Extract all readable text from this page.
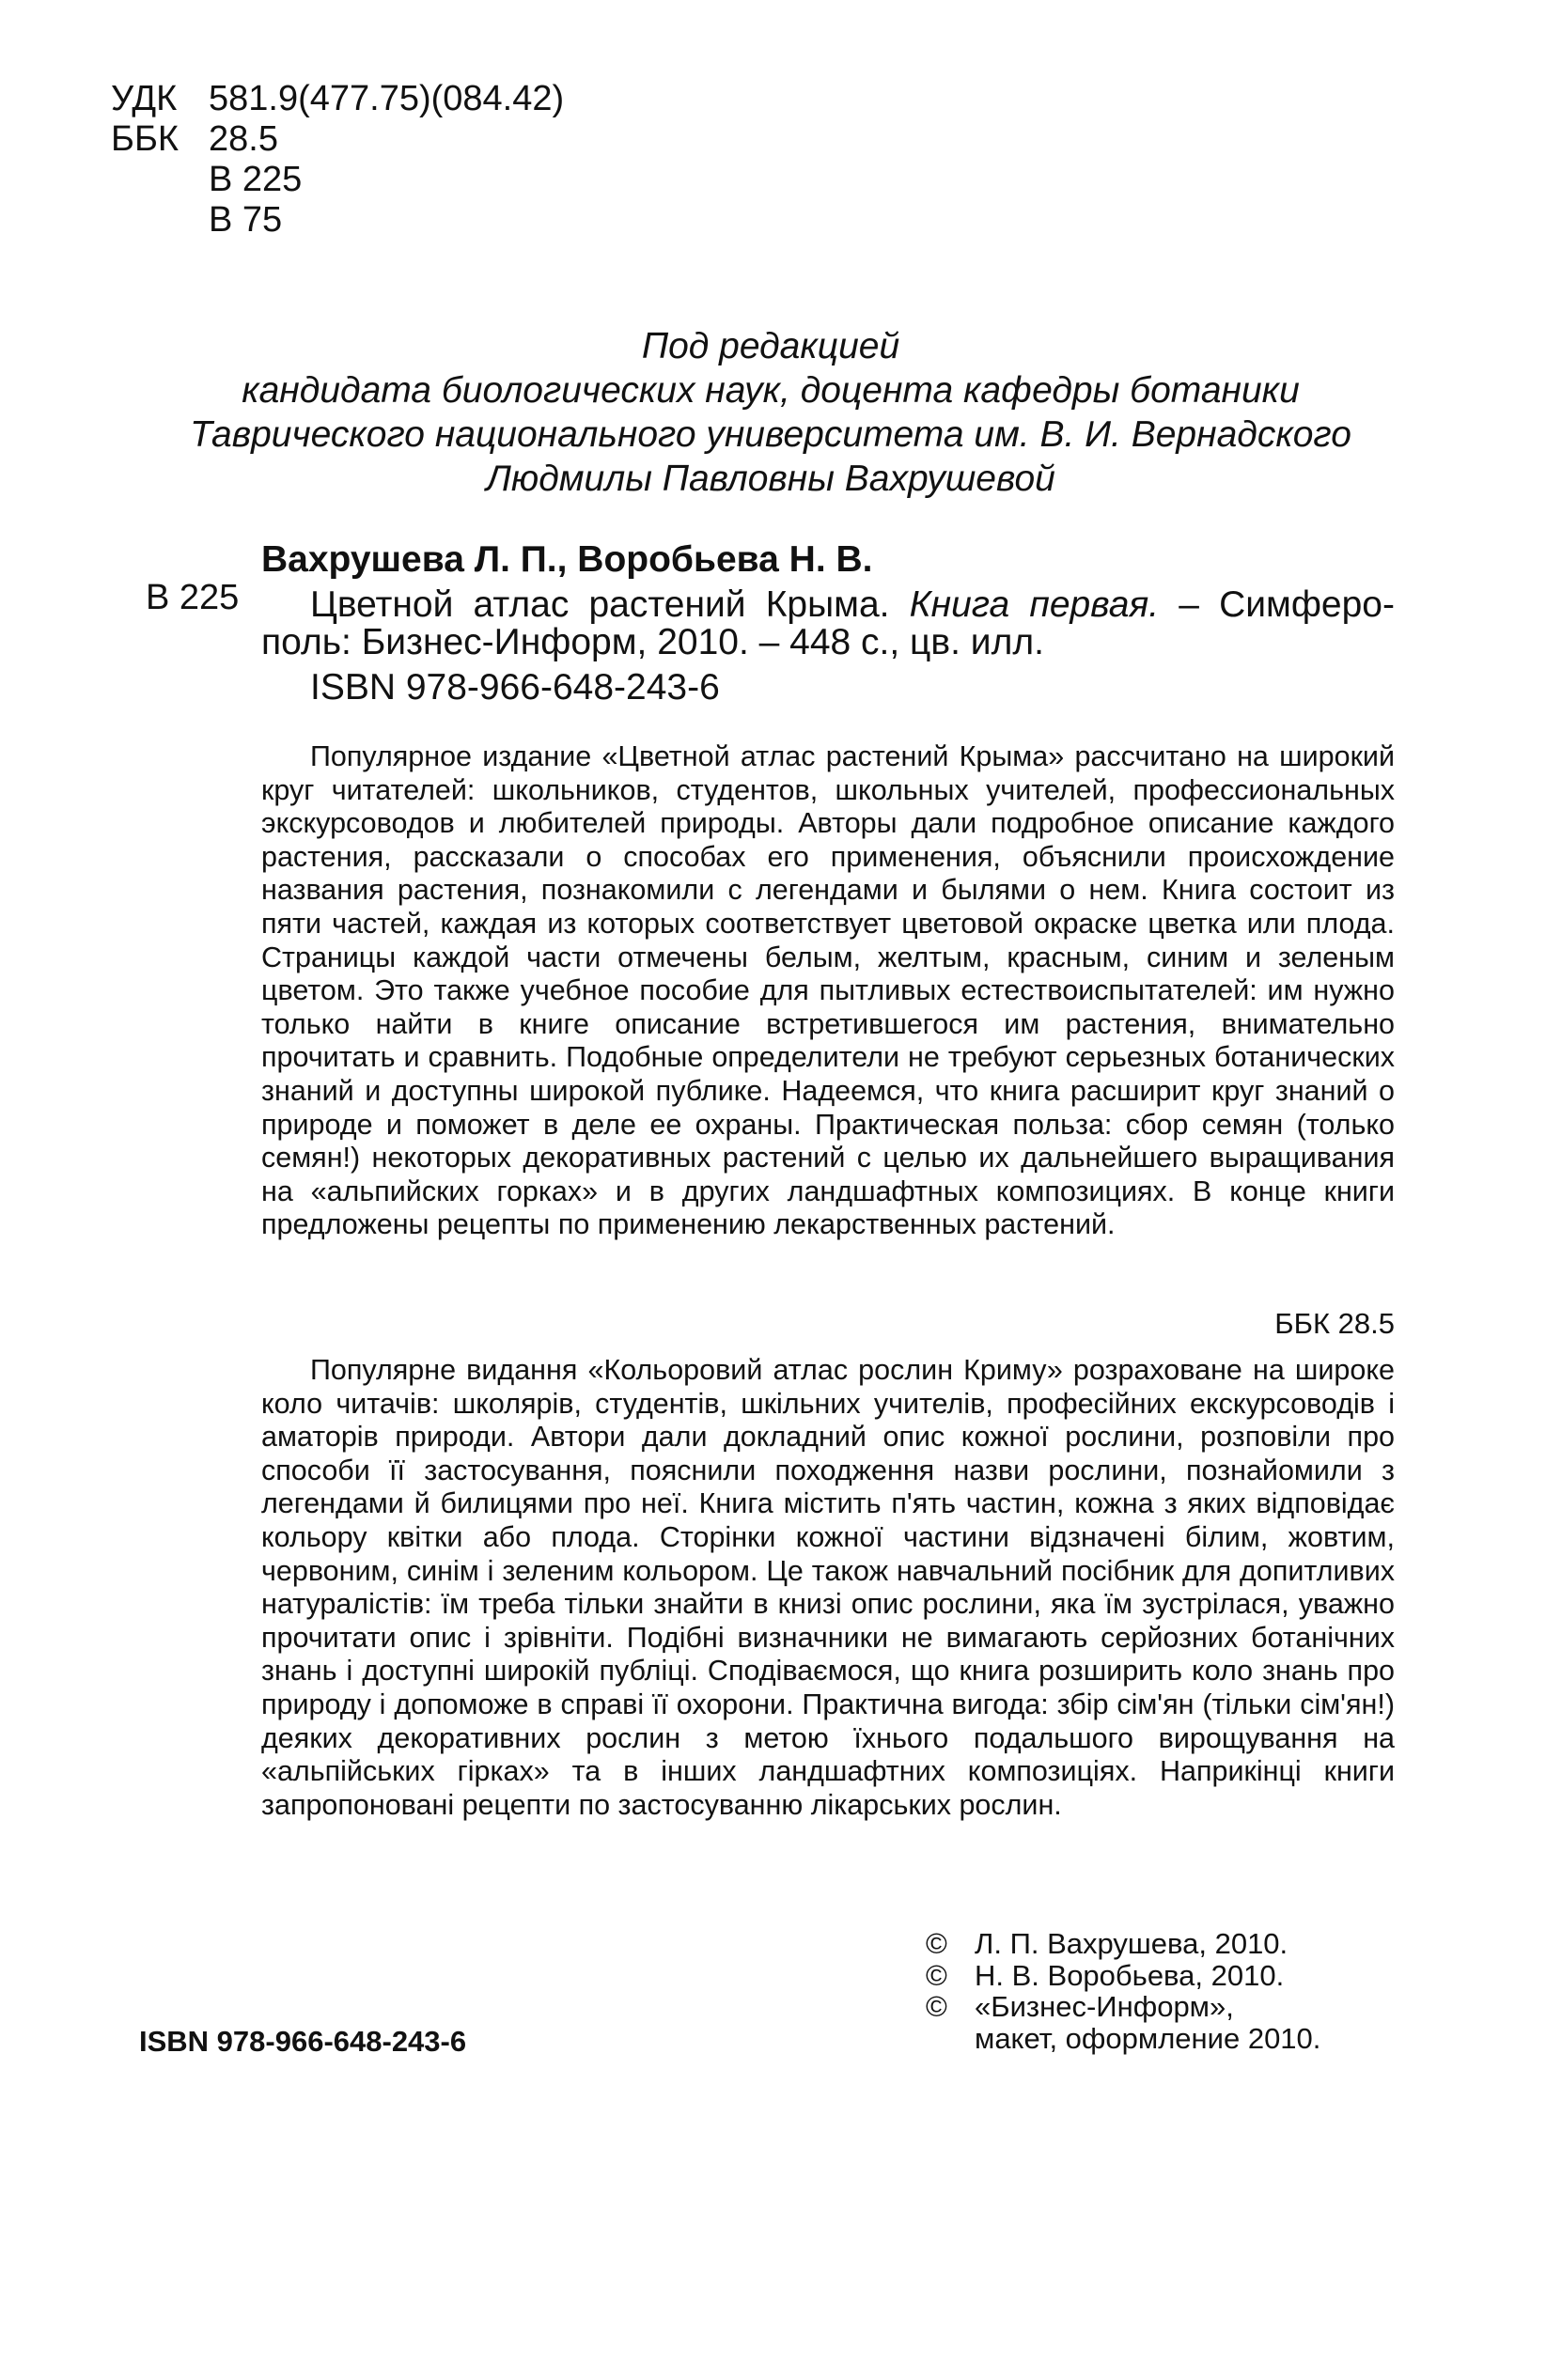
УДК 581.9(477.75)(084.42)
ББК 28.5
В 225
В 75
Под редакцией
кандидата биологических наук, доцента кафедры ботаники
Таврического национального университета им. В. И. Вернадского
Людмилы Павловны Вахрушевой
Вахрушева Л. П., Воробьева Н. В.
В 225 Цветной атлас растений Крыма. Книга первая. – Симферо-
поль: Бизнес-Информ, 2010. – 448 с., цв. илл.
ISBN 978-966-648-243-6

Популярное издание «Цветной атлас растений Крыма» рассчитано на широкий круг читателей: школьников, студентов, школьных учителей, профессиональных экскурсоводов и любителей природы. Авторы дали подробное описание каждого растения, рассказали о способах его применения, объяснили происхождение названия растения, познакомили с легендами и былями о нем. Книга состоит из пяти частей, каждая из которых соответствует цветовой окраске цветка или плода. Страницы каждой части отмечены белым, желтым, красным, синим и зеленым цветом. Это также учебное пособие для пытливых естествоиспытателей: им нужно только найти в книге описание встретившегося им растения, внимательно прочитать и сравнить. Подобные определители не требуют серьезных ботанических знаний и доступны широкой публике. Надеемся, что книга расширит круг знаний о природе и поможет в деле ее охраны. Практическая польза: сбор семян (только семян!) некоторых декоративных растений с целью их дальнейшего выращивания на «альпийских горках» и в других ландшафтных композициях. В конце книги предложены рецепты по применению лекарственных растений.

ББК 28.5

Популярне видання «Кольоровий атлас рослин Криму» розраховане на широке коло читачів: школярів, студентів, шкільних учителів, професійних екскурсоводів і аматорів природи. Автори дали докладний опис кожної рослини, розповіли про способи її застосування, пояснили походження назви рослини, познайомили з легендами й билицями про неї. Книга містить п'ять частин, кожна з яких відповідає кольору квітки або плода. Сторінки кожної частини відзначені білим, жовтим, червоним, синім і зеленим кольором. Це також навчальний посібник для допитливих натуралістів: їм треба тільки знайти в книзі опис рослини, яка їм зустрілася, уважно прочитати опис і зрівніти. Подібні визначники не вимагають серйозних ботанічних знань і доступні широкій публіці. Сподіваємося, що книга розширить коло знань про природу і допоможе в справі її охорони. Практична вигода: збір сім'ян (тільки сім'ян!) деяких декоративних рослин з метою їхнього подальшого вирощування на «альпійських гірках» та в інших ландшафтних композиціях. Наприкінці книги запропоновані рецепти по застосуванню лікарських рослин.

© Л. П. Вахрушева, 2010.
© Н. В. Воробьева, 2010.
© «Бизнес-Информ»,
макет, оформление 2010.
ISBN 978-966-648-243-6
